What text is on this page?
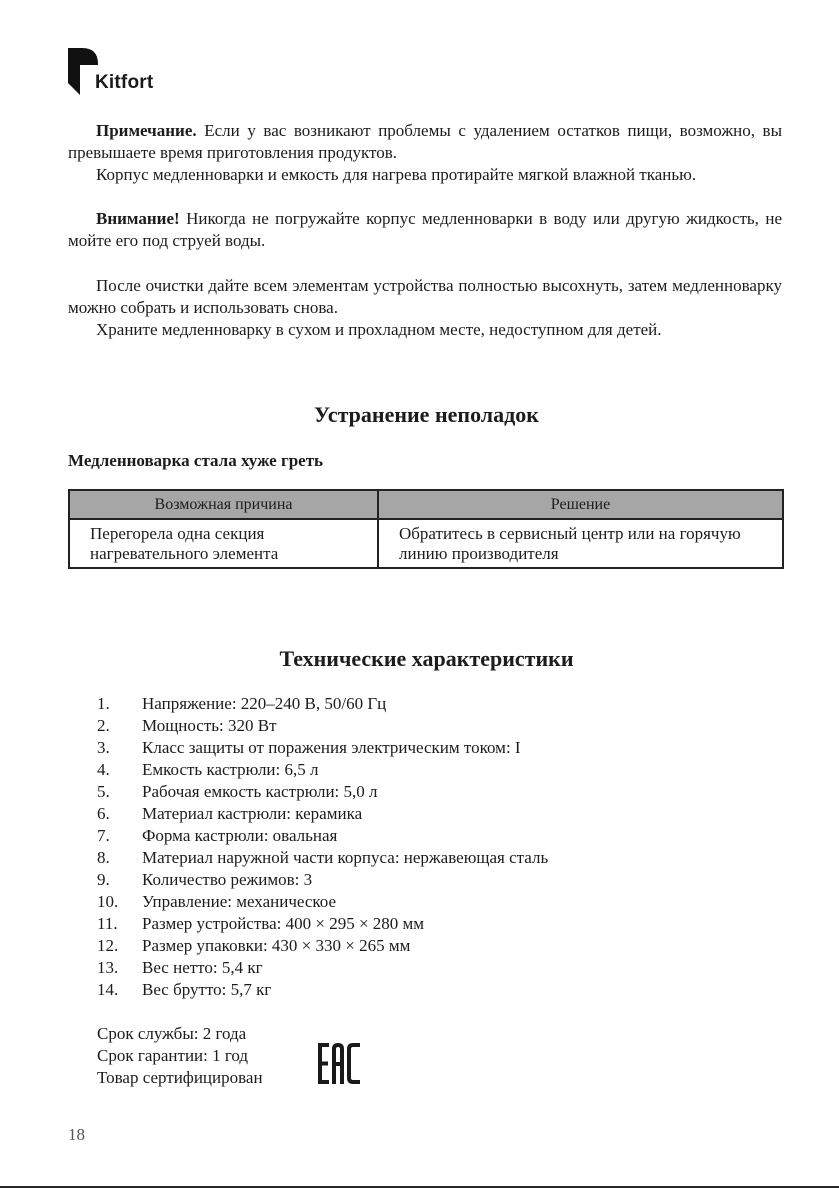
Kitfort
Примечание. Если у вас возникают проблемы с удалением остатков пищи, возможно, вы превышаете время приготовления продуктов.
Корпус медленноварки и емкость для нагрева протирайте мягкой влажной тканью.
Внимание! Никогда не погружайте корпус медленноварки в воду или другую жидкость, не мойте его под струей воды.
После очистки дайте всем элементам устройства полностью высохнуть, затем медленноварку можно собрать и использовать снова.
Храните медленноварку в сухом и прохладном месте, недоступном для детей.
Устранение неполадок
Медленноварка стала хуже греть
Возможная причина	Решение
Перегорела одна секция нагревательного элемента	Обратитесь в сервисный центр или на горячую линию производителя
Технические характеристики
1.	Напряжение: 220–240 В, 50/60 Гц
2.	Мощность: 320 Вт
3.	Класс защиты от поражения электрическим током: I
4.	Емкость кастрюли: 6,5 л
5.	Рабочая емкость кастрюли: 5,0 л
6.	Материал кастрюли: керамика
7.	Форма кастрюли: овальная
8.	Материал наружной части корпуса: нержавеющая сталь
9.	Количество режимов: 3
10.	Управление: механическое
11.	Размер устройства: 400 × 295 × 280 мм
12.	Размер упаковки: 430 × 330 × 265 мм
13.	Вес нетто: 5,4 кг
14.	Вес брутто: 5,7 кг
Срок службы: 2 года
Срок гарантии: 1 год
Товар сертифицирован
18
